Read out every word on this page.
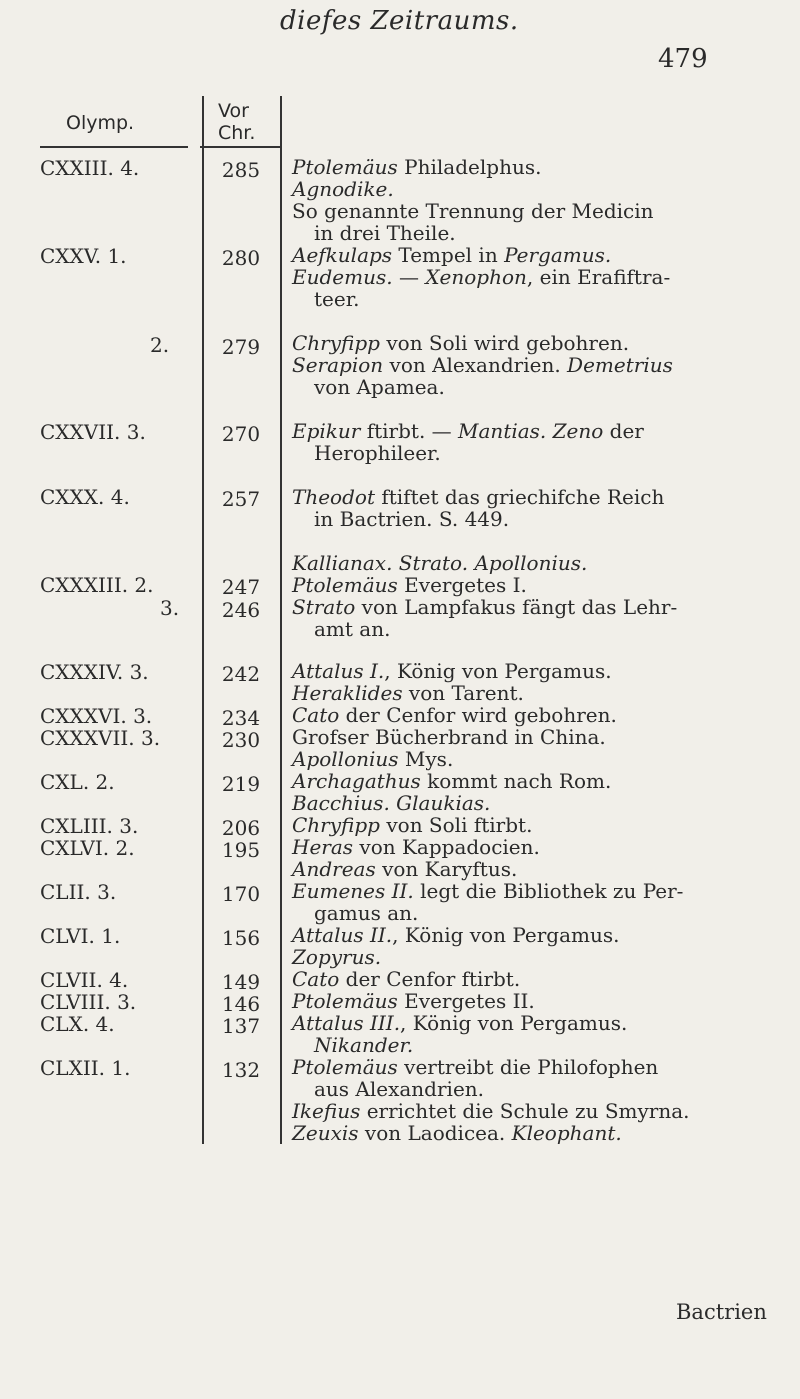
diefes Zeitraums.
479
Olymp.
Vor Chr.
CXXIII. 4.
CXXV. 1.
2.
CXXVII. 3.
CXXX. 4.
CXXXIII. 2.
3.
CXXXIV. 3.
CXXXVI. 3.
CXXXVII. 3.
CXL. 2.
CXLIII. 3.
CXLVI. 2.
CLII. 3.
CLVI. 1.
CLVII. 4.
CLVIII. 3.
CLX. 4.
CLXII. 1.
285
280
279
270
257
247
246
242
234
230
219
206
195
170
156
149
146
137
132
Ptolemäus Philadelphus.
Agnodike.
So genannte Trennung der Medicin
in drei Theile.
Aefkulaps Tempel in Pergamus.
Eudemus. — Xenophon, ein Erafiftra-
teer.
Chryfipp von Soli wird gebohren.
Serapion von Alexandrien. Demetrius
von Apamea.
Epikur ftirbt. — Mantias. Zeno der
Herophileer.
Theodot ftiftet das griechifche Reich
in Bactrien. S. 449.
Kallianax. Strato. Apollonius.
Ptolemäus Evergetes I.
Strato von Lampfakus fängt das Lehr-
amt an.
Attalus I., König von Pergamus.
Heraklides von Tarent.
Cato der Cenfor wird gebohren.
Grofser Bücherbrand in China.
Apollonius Mys.
Archagathus kommt nach Rom.
Bacchius. Glaukias.
Chryfipp von Soli ftirbt.
Heras von Kappadocien.
Andreas von Karyftus.
Eumenes II. legt die Bibliothek zu Per-
gamus an.
Attalus II., König von Pergamus.
Zopyrus.
Cato der Cenfor ftirbt.
Ptolemäus Evergetes II.
Attalus III., König von Pergamus.
Nikander.
Ptolemäus vertreibt die Philofophen
aus Alexandrien.
Ikefius errichtet die Schule zu Smyrna.
Zeuxis von Laodicea. Kleophant.
Bactrien
